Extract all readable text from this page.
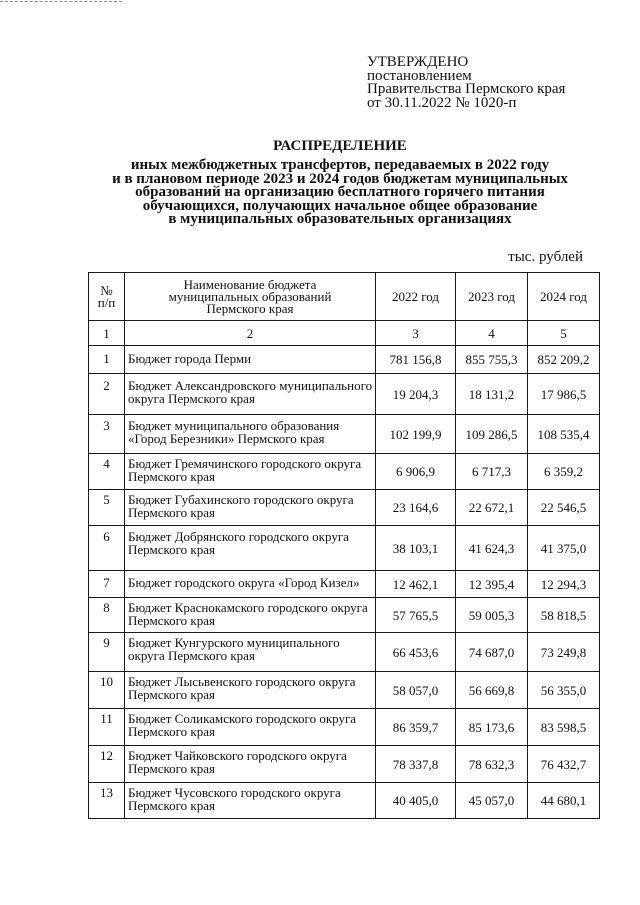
УТВЕРЖДЕНО
постановлением
Правительства Пермского края
от 30.11.2022 № 1020-п
РАСПРЕДЕЛЕНИЕ
иных межбюджетных трансфертов, передаваемых в 2022 году
и в плановом периоде 2023 и 2024 годов бюджетам муниципальных
образований на организацию бесплатного горячего питания
обучающихся, получающих начальное общее образование
в муниципальных образовательных организациях
тыс. рублей
№
п/п	Наименование бюджета
муниципальных образований
Пермского края	2022 год	2023 год	2024 год
1	2	3	4	5
1	Бюджет города Перми	781 156,8	855 755,3	852 209,2
2	Бюджет Александровского муниципального
округа Пермского края	19 204,3	18 131,2	17 986,5
3	Бюджет муниципального образования
«Город Березники» Пермского края	102 199,9	109 286,5	108 535,4
4	Бюджет Гремячинского городского округа
Пермского края	6 906,9	6 717,3	6 359,2
5	Бюджет Губахинского городского округа
Пермского края	23 164,6	22 672,1	22 546,5
6	Бюджет Добрянского городского округа
Пермского края	38 103,1	41 624,3	41 375,0
7	Бюджет городского округа «Город Кизел»	12 462,1	12 395,4	12 294,3
8	Бюджет Краснокамского городского округа
Пермского края	57 765,5	59 005,3	58 818,5
9	Бюджет Кунгурского муниципального
округа Пермского края	66 453,6	74 687,0	73 249,8
10	Бюджет Лысьвенского городского округа
Пермского края	58 057,0	56 669,8	56 355,0
11	Бюджет Соликамского городского округа
Пермского края	86 359,7	85 173,6	83 598,5
12	Бюджет Чайковского городского округа
Пермского края	78 337,8	78 632,3	76 432,7
13	Бюджет Чусовского городского округа
Пермского края	40 405,0	45 057,0	44 680,1
